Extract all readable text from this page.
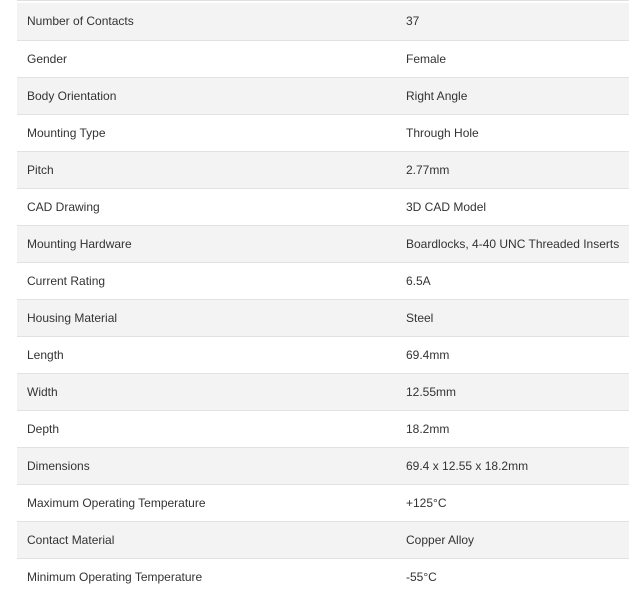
Number of Contacts	37
Gender	Female
Body Orientation	Right Angle
Mounting Type	Through Hole
Pitch	2.77mm
CAD Drawing	3D CAD Model
Mounting Hardware	Boardlocks, 4-40 UNC Threaded Inserts
Current Rating	6.5A
Housing Material	Steel
Length	69.4mm
Width	12.55mm
Depth	18.2mm
Dimensions	69.4 x 12.55 x 18.2mm
Maximum Operating Temperature	+125°C
Contact Material	Copper Alloy
Minimum Operating Temperature	-55°C
